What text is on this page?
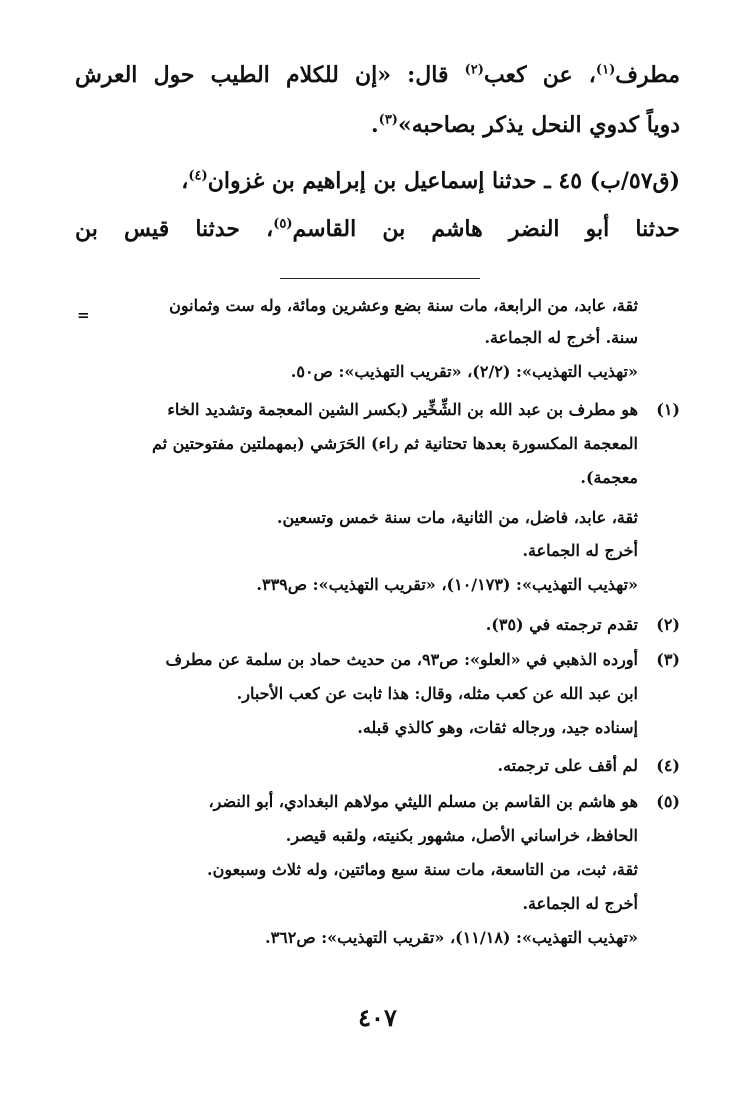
مطرف$^{(١)}$، عن كعب$^{(٢)}$ قال: «إن للكلام الطيب حول العرش
دوياً كدوي النحل يذكر بصاحبه»$^{(٣)}$.
(ق٥٧/ب) ٤٥ ـ حدثنا إسماعيل بن إبراهيم بن غزوان$^{(٤)}$،
حدثنا أبو النضر هاشم بن القاسم$^{(٥)}$، حدثنا قيس بن
=	ثقة، عابد، من الرابعة، مات سنة بضع وعشرين ومائة، وله ست وثمانون
سنة. أخرج له الجماعة.
«تهذيب التهذيب»: (٢/٢)، «تقريب التهذيب»: ص٥٠.
(١)
هو مطرف بن عبد الله بن الشِّخِّير (بكسر الشين المعجمة وتشديد الخاء
المعجمة المكسورة بعدها تحتانية ثم راء) الحَرَشي (بمهملتين مفتوحتين ثم
معجمة).
ثقة، عابد، فاضل، من الثانية، مات سنة خمس وتسعين.
أخرج له الجماعة.
«تهذيب التهذيب»: (١٠/١٧٣)، «تقريب التهذيب»: ص٣٣٩.
(٢)
تقدم ترجمته في (٣٥).
(٣)
أورده الذهبي في «العلو»: ص٩٣، من حديث حماد بن سلمة عن مطرف
ابن عبد الله عن كعب مثله، وقال: هذا ثابت عن كعب الأحبار.
إسناده جيد، ورجاله ثقات، وهو كالذي قبله.
(٤)
لم أقف على ترجمته.
(٥)
هو هاشم بن القاسم بن مسلم الليثي مولاهم البغدادي، أبو النضر،
الحافظ، خراساني الأصل، مشهور بكنيته، ولقبه قيصر.
ثقة، ثبت، من التاسعة، مات سنة سبع ومائتين، وله ثلاث وسبعون.
أخرج له الجماعة.
«تهذيب التهذيب»: (١١/١٨)، «تقريب التهذيب»: ص٣٦٢.
٤٠٧
